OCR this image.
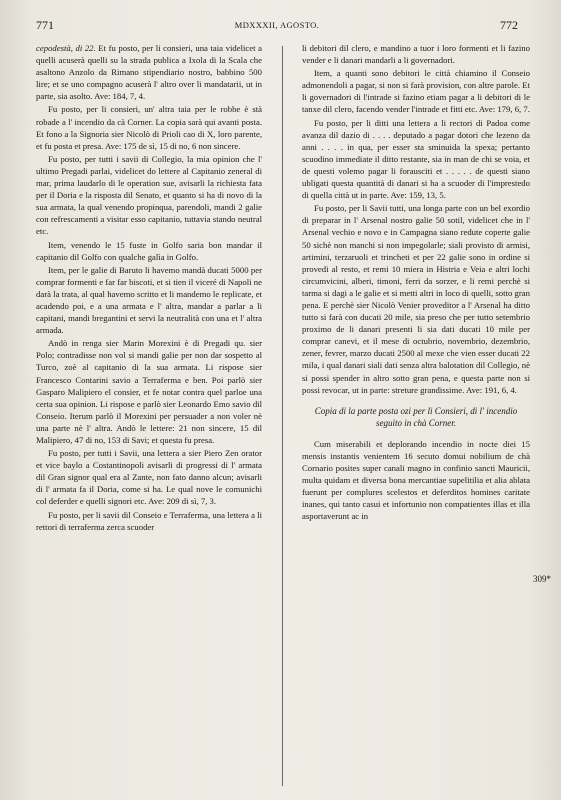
771	MDXXXII, AGOSTO.	772

cepodestà, di 22. Et fu posto, per li consieri, una taia videlicet a quelli acuserà quelli su la strada publica a Ixola di la Scala che asaltono Anzolo da Rimano stipendiario nostro, babbino 500 lire; et se uno compagno acuserà l' altro over li mandatarii, ut in parte, sia asolto. Ave: 184, 7, 4.

Fu posto, per li consieri, un' altra taia per le robbe è stà robade a l' incendio da cà Corner. La copia sarà qui avanti posta. Et fono a la Signoria sier Nicolò di Prioli cao di X, loro parente, et fu posta et presa. Ave: 175 de sì, 15 di no, 6 non sincere.

Fu posto, per tutti i savii di Collegio, la mia opinion che l' ultimo Pregadi parlai, videlicet do lettere al Capitanio zeneral di mar, prima laudarlo di le operation sue, avisarli la richiesta fata per il Doria e la risposta dil Senato, et quanto si ha di novo di la sua armata, la qual venendo propinqua, parendoli, mandi 2 galie con refrescamenti a visitar esso capitanio, tuttavia stando neutral etc.

Item, venendo le 15 fuste in Golfo saria bon mandar il capitanio dil Golfo con qualche galìa in Golfo.

Item, per le galie di Baruto li havemo mandà ducati 5000 per comprar formenti e far far biscoti, et si tien il viceré di Napoli ne darà la trata, al qual havemo scritto et li mandemo le replicate, et acadendo poi, e a una armata e l' altra, mandar a parlar a li capitani, mandi bregantini et servi la neutralità con una et l' altra armada.

Andò in renga sier Marin Morexini è di Pregadi qu. sier Polo; contradisse non vol si mandi galie per non dar sospetto al Turco, zoè al capitanio di la sua armata. Li rispose sier Francesco Contarini savio a Terraferma e ben. Poi parlò sier Gasparo Malipiero el consier, et fe notar contra quel parloe una certa sua opinion. Li rispose e parlò sier Leonardo Emo savio dil Conseio. Iterum parlò il Morexini per persuader a non voler nè una parte nè l' altra. Andò le lettere: 21 non sincere, 15 dil Malipiero, 47 di no, 153 di Savi; et questa fu presa.

Fu posto, per tutti i Savii, una lettera a sier Piero Zen orator et vice baylo a Costantinopoli avisarli di progressi di l' armata dil Gran signor qual era al Zante, non fato danno alcun; avisarli di l' armata fa il Doria, come si ha. Le qual nove le comunichi col deferder e quelli signori etc. Ave: 209 di sì, 7, 3.

Fu posto, per li savii dil Conseio e Terraferma, una lettera a li rettori di terraferma zerca scuoder

li debitori dil clero, e mandino a tuor i loro formenti et li fazino vender e li danari mandarli a li governadori.

Item, a quanti sono debitori le città chiamino il Conseio admonendoli a pagar, si non si farà provision, con altre parole. Et li governadori di l'intrade si fazino etiam pagar a li debitori di le tanxe dil clero, facendo vender l'intrade et fitti etc. Ave: 179, 6, 7.

Fu posto, per li ditti una lettera a li rectori di Padoa come avanza dil dazio di . . . . deputado a pagar dotori che lezeno da anni . . . . in qua, per esser sta sminuida la spexa; pertanto scuodino immediate il ditto restante, sia in man de chi se voia, et de questi volemo pagar li forausciti et . . . . . de questi siano ubligati questa quantità di danari si ha a scuoder di l'imprestedo di quella città ut in parte. Ave: 159, 13, 5.

Fu posto, per li Savii tutti, una longa parte con un bel exordio di preparar in l' Arsenal nostro galie 50 sotil, videlicet che in l' Arsenal vechio e novo e in Campagna siano redute coperte galie 50 sichè non manchi si non impegolarle; siali provisto di armisi, artimini, terzaruoli et trincheti et per 22 galie sono in ordine si provedi al resto, et remi 10 miera in Histria e Veia e altri lochi circumvicini, alberi, timoni, ferri da sorzer, e li remi perchè si tarma si dagi a le galie et si metti altri in loco di quelli, sotto gran pena. E perchè sier Nicolò Venier proveditor a l' Arsenal ha ditto tutto si farà con ducati 20 mile, sia preso che per tutto setembrio proximo de li danari presenti li sia dati ducati 10 mile per comprar canevi, et il mese di octubrio, novembrio, dezembrio, zener, fevrer, marzo ducati 2500 al mexe che vien esser ducati 22 mila, i qual danari siali dati senza altra balotation dil Collegio, nè si possi spender in altro sotto gran pena, e questa parte non si possi revocar, ut in parte: streture grandissime. Ave: 191, 6, 4.

Copia di la parte posta ozi per li Consieri, di l' incendio seguito in chà Corner.

Cum miserabili et deplorando incendio in nocte diei 15 mensis instantis venientem 16 secuto domui nobilium de chà Cornario posites super canali magno in confinio sancti Mauricii, multa quidam et diversa bona mercantiae supelitilia et alia ablata fuerunt per complures scelestos et deferditos homines caritate inanes, qui tanto casui et infortunio non compatientes illas et illa asportaverunt ac in

309*
